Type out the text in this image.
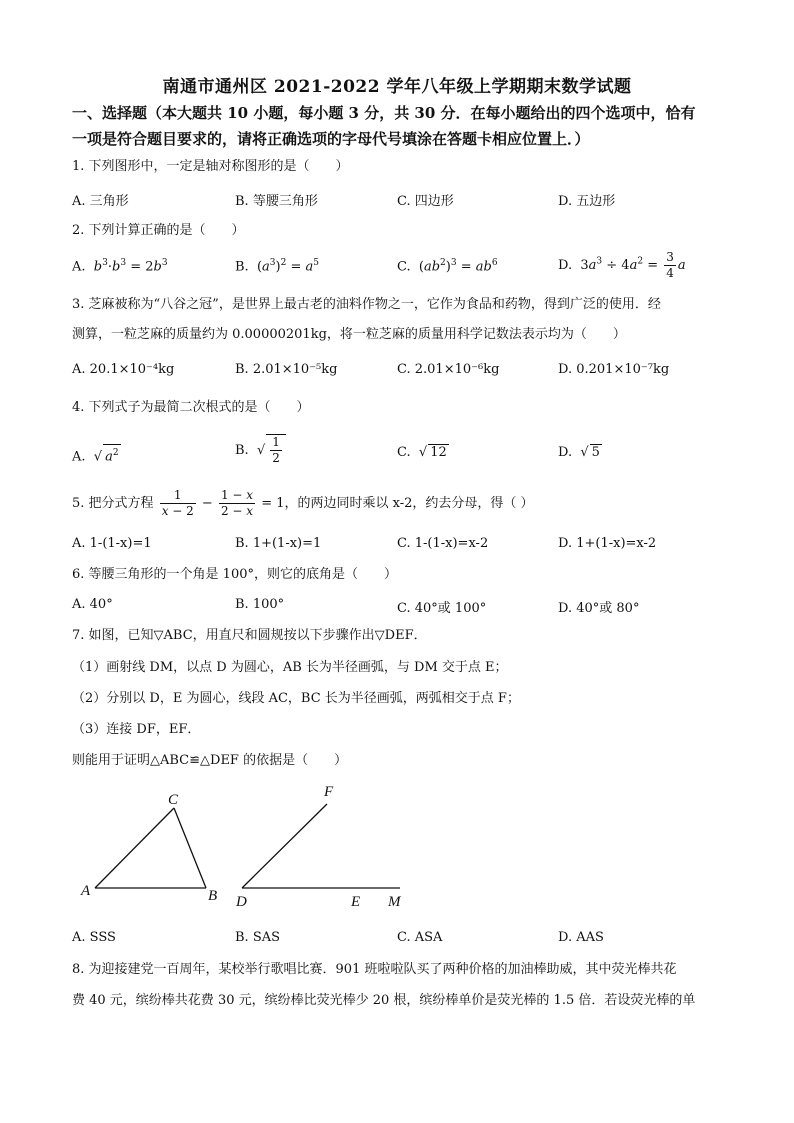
南通市通州区 2021-2022 学年八年级上学期期末数学试题
一、选择题（本大题共 10 小题，每小题 3 分，共 30 分．在每小题给出的四个选项中，恰有
一项是符合题目要求的，请将正确选项的字母代号填涂在答题卡相应位置上．）
1. 下列图形中，一定是轴对称图形的是（　　）
A. 三角形	B. 等腰三角形	C. 四边形	D. 五边形
2. 下列计算正确的是（　　）
A. $b^3\cdot b^3 = 2b^3$	B.  $(a^3)^2 = a^5$	C.  $(ab^2)^3 = ab^6$	D.  $3a^3 \div 4a^2 = \frac{3}{4}$ a
3. 芝麻被称为“八谷之冠”，是世界上最古老的油料作物之一，它作为食品和药物，得到广泛的使用．经
测算，一粒芝麻的质量约为 0.00000201kg，将一粒芝麻的质量用科学记数法表示均为（　　）
A. 20.1×10⁻⁴kg	B. 2.01×10⁻⁵kg	C. 2.01×10⁻⁶kg	D. 0.201×10⁻⁷kg
4. 下列式子为最简二次根式的是（　　）
A.  √ $a^2$	B.  √ $\frac{1}{2}$	C.  √ 12	D.  √ 5
5. 把分式方程 $\frac{1}{x - 2} - \frac{1 - x}{2 - x} = 1$，的两边同时乘以 x-2，约去分母，得（ ）
A. 1-(1-x)=1	B. 1+(1-x)=1	C. 1-(1-x)=x-2	D. 1+(1-x)=x-2
6. 等腰三角形的一个角是 100°，则它的底角是（　　）
A. 40°	B. 100°	C. 40°或 100°	D. 40°或 80°
7. 如图，已知▽ABC，用直尺和圆规按以下步骤作出▽DEF．
（1）画射线 DM，以点 D 为圆心，AB 长为半径画弧，与 DM 交于点 E；
（2）分别以 D，E 为圆心，线段 AC，BC 长为半径画弧，两弧相交于点 F；
（3）连接 DF，EF．
则能用于证明△ABC≌△DEF 的依据是（　　）
A	B
C
D	E
F
M
A. SSS	B. SAS	C. ASA	D. AAS
8. 为迎接建党一百周年，某校举行歌唱比赛．901 班啦啦队买了两种价格的加油棒助威，其中荧光棒共花
费 40 元，缤纷棒共花费 30 元，缤纷棒比荧光棒少 20 根，缤纷棒单价是荧光棒的 1.5 倍．若设荧光棒的单
